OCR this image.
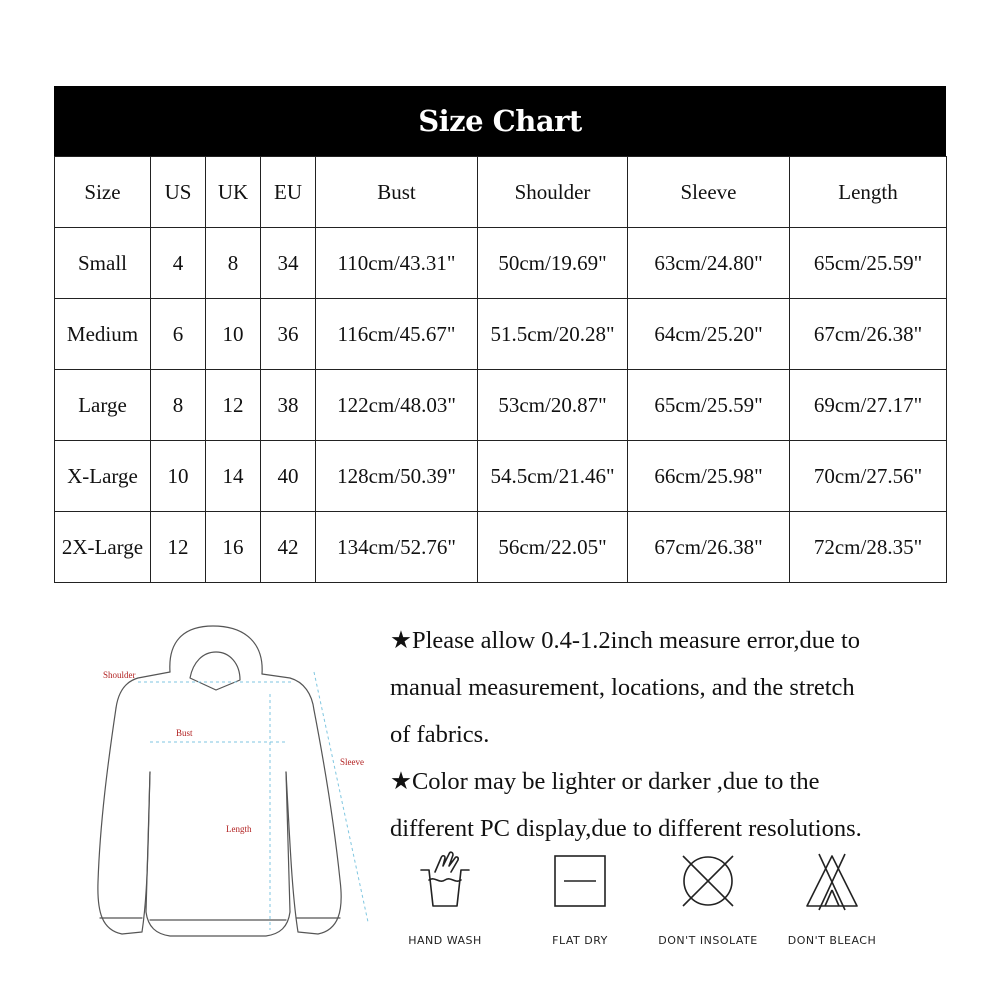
Size Chart
Size	US	UK	EU	Bust	Shoulder	Sleeve	Length
Small	4	8	34	110cm/43.31"	50cm/19.69"	63cm/24.80"	65cm/25.59"
Medium	6	10	36	116cm/45.67"	51.5cm/20.28"	64cm/25.20"	67cm/26.38"
Large	8	12	38	122cm/48.03"	53cm/20.87"	65cm/25.59"	69cm/27.17"
X-Large	10	14	40	128cm/50.39"	54.5cm/21.46"	66cm/25.98"	70cm/27.56"
2X-Large	12	16	42	134cm/52.76"	56cm/22.05"	67cm/26.38"	72cm/28.35"
Shoulder
Bust
Sleeve
Length

★Please allow 0.4-1.2inch measure error,due to

manual measurement, locations, and the stretch

of fabrics.

★Color may be lighter or darker ,due to the

different PC display,due to different resolutions.

HAND WASH	FLAT DRY	DON'T INSOLATE	DON'T BLEACH
